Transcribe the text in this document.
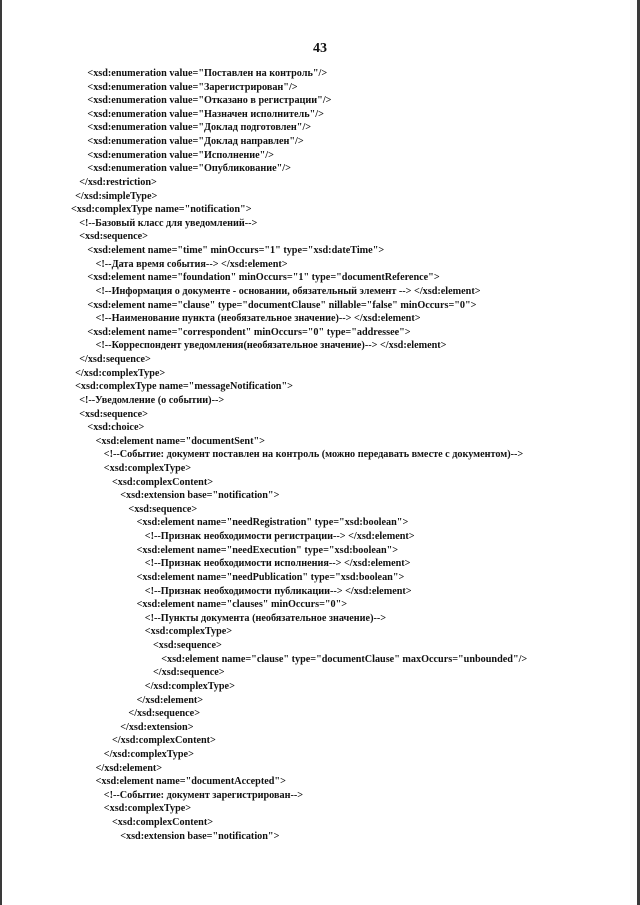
43
<xsd:enumeration value="Поставлен на контроль"/>
<xsd:enumeration value="Зарегистрирован"/>
<xsd:enumeration value="Отказано в регистрации"/>
<xsd:enumeration value="Назначен исполнитель"/>
<xsd:enumeration value="Доклад подготовлен"/>
<xsd:enumeration value="Доклад направлен"/>
<xsd:enumeration value="Исполнение"/>
<xsd:enumeration value="Опубликование"/>
</xsd:restriction>
</xsd:simpleType>
<xsd:complexType name="notification">
<!--Базовый класс для уведомлений-->
<xsd:sequence>
<xsd:element name="time" minOccurs="1" type="xsd:dateTime">
<!--Дата время события--> </xsd:element>
<xsd:element name="foundation" minOccurs="1" type="documentReference">
<!--Информация о документе - основании, обязательный элемент --> </xsd:element>
<xsd:element name="clause" type="documentClause" nillable="false" minOccurs="0">
<!--Наименование пункта (необязательное значение)--> </xsd:element>
<xsd:element name="correspondent" minOccurs="0" type="addressee">
<!--Корреспондент уведомления(необязательное значение)--> </xsd:element>
</xsd:sequence>
</xsd:complexType>
<xsd:complexType name="messageNotification">
<!--Уведомление (о событии)-->
<xsd:sequence>
<xsd:choice>
<xsd:element name="documentSent">
<!--Событие: документ поставлен на контроль (можно передавать вместе с документом)-->
<xsd:complexType>
<xsd:complexContent>
<xsd:extension base="notification">
<xsd:sequence>
<xsd:element name="needRegistration" type="xsd:boolean">
<!--Признак необходимости регистрации--> </xsd:element>
<xsd:element name="needExecution" type="xsd:boolean">
<!--Признак необходимости исполнения--> </xsd:element>
<xsd:element name="needPublication" type="xsd:boolean">
<!--Признак необходимости публикации--> </xsd:element>
<xsd:element name="clauses" minOccurs="0">
<!--Пункты документа (необязательное значение)-->
<xsd:complexType>
<xsd:sequence>
<xsd:element name="clause" type="documentClause" maxOccurs="unbounded"/>
</xsd:sequence>
</xsd:complexType>
</xsd:element>
</xsd:sequence>
</xsd:extension>
</xsd:complexContent>
</xsd:complexType>
</xsd:element>
<xsd:element name="documentAccepted">
<!--Событие: документ зарегистрирован-->
<xsd:complexType>
<xsd:complexContent>
<xsd:extension base="notification">
